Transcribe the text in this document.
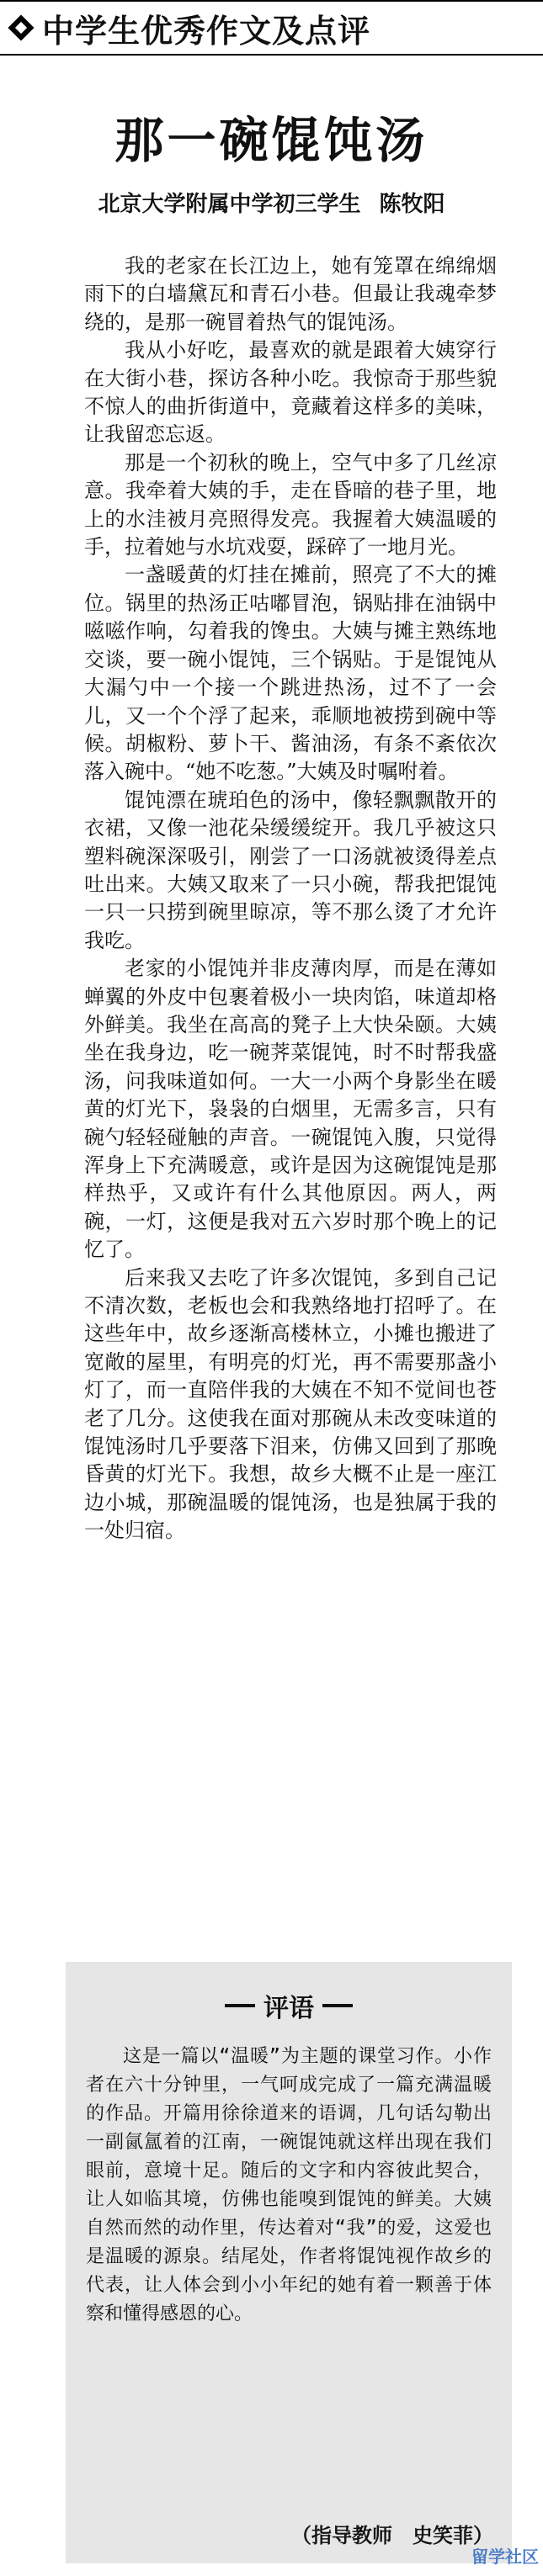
中学生优秀作文及点评
那一碗馄饨汤
北京大学附属中学初三学生 陈牧阳

我的老家在长江边上，她有笼罩在绵绵烟雨下的白墙黛瓦和青石小巷。但最让我魂牵梦绕的，是那一碗冒着热气的馄饨汤。

我从小好吃，最喜欢的就是跟着大姨穿行在大街小巷，探访各种小吃。我惊奇于那些貌不惊人的曲折街道中，竟藏着这样多的美味，让我留恋忘返。

那是一个初秋的晚上，空气中多了几丝凉意。我牵着大姨的手，走在昏暗的巷子里，地上的水洼被月亮照得发亮。我握着大姨温暖的手，拉着她与水坑戏耍，踩碎了一地月光。

一盏暖黄的灯挂在摊前，照亮了不大的摊位。锅里的热汤正咕嘟冒泡，锅贴排在油锅中嗞嗞作响，勾着我的馋虫。大姨与摊主熟练地交谈，要一碗小馄饨，三个锅贴。于是馄饨从大漏勺中一个接一个跳进热汤，过不了一会儿，又一个个浮了起来，乖顺地被捞到碗中等候。胡椒粉、萝卜干、酱油汤，有条不紊依次落入碗中。“她不吃葱。”大姨及时嘱咐着。

馄饨漂在琥珀色的汤中，像轻飘飘散开的衣裙，又像一池花朵缓缓绽开。我几乎被这只塑料碗深深吸引，刚尝了一口汤就被烫得差点吐出来。大姨又取来了一只小碗，帮我把馄饨一只一只捞到碗里晾凉，等不那么烫了才允许我吃。

老家的小馄饨并非皮薄肉厚，而是在薄如蝉翼的外皮中包裹着极小一块肉馅，味道却格外鲜美。我坐在高高的凳子上大快朵颐。大姨坐在我身边，吃一碗荠菜馄饨，时不时帮我盛汤，问我味道如何。一大一小两个身影坐在暖黄的灯光下，袅袅的白烟里，无需多言，只有碗勺轻轻碰触的声音。一碗馄饨入腹，只觉得浑身上下充满暖意，或许是因为这碗馄饨是那样热乎，又或许有什么其他原因。两人，两碗，一灯，这便是我对五六岁时那个晚上的记忆了。

后来我又去吃了许多次馄饨，多到自己记不清次数，老板也会和我熟络地打招呼了。在这些年中，故乡逐渐高楼林立，小摊也搬进了宽敞的屋里，有明亮的灯光，再不需要那盏小灯了，而一直陪伴我的大姨在不知不觉间也苍老了几分。这使我在面对那碗从未改变味道的馄饨汤时几乎要落下泪来，仿佛又回到了那晚昏黄的灯光下。我想，故乡大概不止是一座江边小城，那碗温暖的馄饨汤，也是独属于我的一处归宿。

评语

这是一篇以“温暖”为主题的课堂习作。小作者在六十分钟里，一气呵成完成了一篇充满温暖的作品。开篇用徐徐道来的语调，几句话勾勒出一副氤氲着的江南，一碗馄饨就这样出现在我们眼前，意境十足。随后的文字和内容彼此契合，让人如临其境，仿佛也能嗅到馄饨的鲜美。大姨自然而然的动作里，传达着对“我”的爱，这爱也是温暖的源泉。结尾处，作者将馄饨视作故乡的代表，让人体会到小小年纪的她有着一颗善于体察和懂得感恩的心。

（指导教师　史笑菲）
留学社区
